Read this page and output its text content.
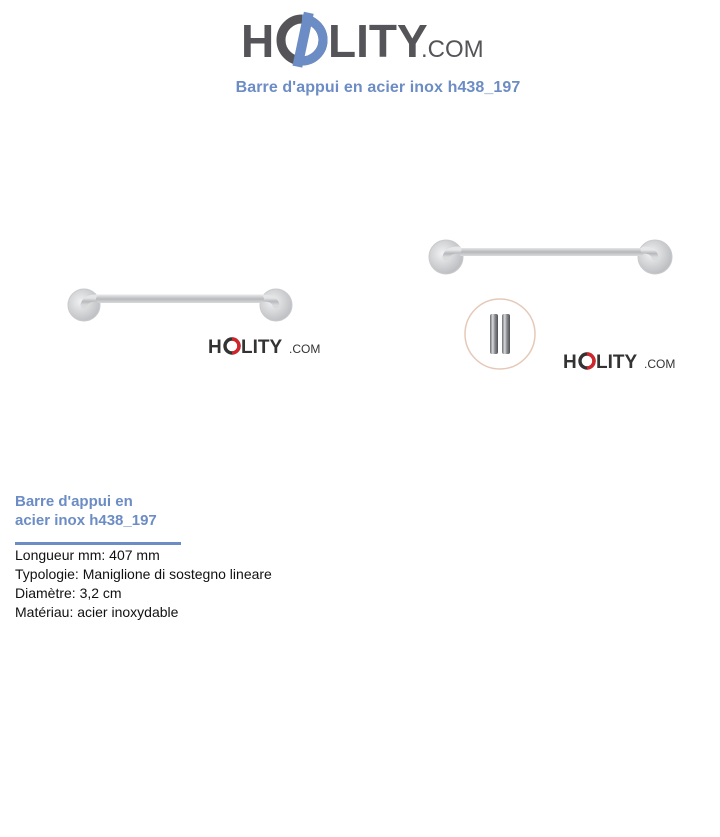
H LITY
.COM
Barre d'appui en acier inox h438_197
H LITY .COM
H LITY .COM
Barre d'appui en
acier inox h438_197
Longueur mm: 407 mm
Typologie: Maniglione di sostegno lineare
Diamètre: 3,2 cm
Matériau: acier inoxydable
